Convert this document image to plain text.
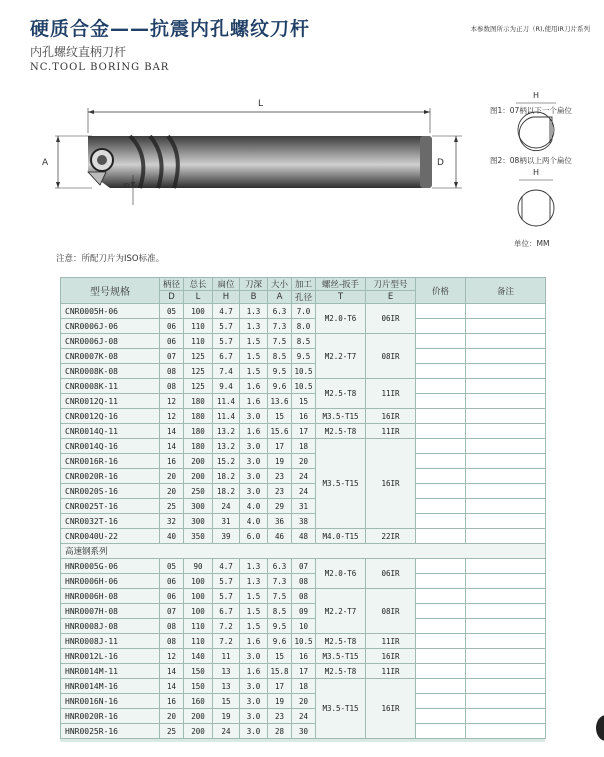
硬质合金——抗震内孔螺纹刀杆
内孔螺纹直柄刀杆
NC.TOOL BORING BAR
本参数图所示为正刀（R),使用IR刀片系列
L
A
B
D
H
H
图1：07柄以下一个扁位
图2：08柄以上两个扁位
单位：MM
注意：所配刀片为ISO标准。
型号规格	柄径	总长	扁位	刀深	大小	加工	螺丝-扳手	刀片型号	价格	备注
	D	L	H	B	A	孔径	T	E		
CNR0005H-06	05	100	4.7	1.3	6.3	7.0	M2.0-T6	06IR		
CNR0006J-06	06	110	5.7	1.3	7.3	8.0				
CNR0006J-08	06	110	5.7	1.5	7.5	8.5	M2.2-T7	08IR		
CNR0007K-08	07	125	6.7	1.5	8.5	9.5				
CNR0008K-08	08	125	7.4	1.5	9.5	10.5				
CNR0008K-11	08	125	9.4	1.6	9.6	10.5	M2.5-T8	11IR		
CNR0012Q-11	12	180	11.4	1.6	13.6	15				
CNR0012Q-16	12	180	11.4	3.0	15	16	M3.5-T15	16IR		
CNR0014Q-11	14	180	13.2	1.6	15.6	17	M2.5-T8	11IR		
CNR0014Q-16	14	180	13.2	3.0	17	18	M3.5-T15	16IR		
CNR0016R-16	16	200	15.2	3.0	19	20				
CNR0020R-16	20	200	18.2	3.0	23	24				
CNR0020S-16	20	250	18.2	3.0	23	24				
CNR0025T-16	25	300	24	4.0	29	31				
CNR0032T-16	32	300	31	4.0	36	38				
CNR0040U-22	40	350	39	6.0	46	48	M4.0-T15	22IR		
高速钢系列										
HNR0005G-06	05	90	4.7	1.3	6.3	07	M2.0-T6	06IR		
HNR0006H-06	06	100	5.7	1.3	7.3	08				
HNR0006H-08	06	100	5.7	1.5	7.5	08	M2.2-T7	08IR		
HNR0007H-08	07	100	6.7	1.5	8.5	09				
HNR0008J-08	08	110	7.2	1.5	9.5	10				
HNR0008J-11	08	110	7.2	1.6	9.6	10.5	M2.5-T8	11IR		
HNR0012L-16	12	140	11	3.0	15	16	M3.5-T15	16IR		
HNR0014M-11	14	150	13	1.6	15.8	17	M2.5-T8	11IR		
HNR0014M-16	14	150	13	3.0	17	18	M3.5-T15	16IR		
HNR0016N-16	16	160	15	3.0	19	20				
HNR0020R-16	20	200	19	3.0	23	24				
HNR0025R-16	25	200	24	3.0	28	30				
